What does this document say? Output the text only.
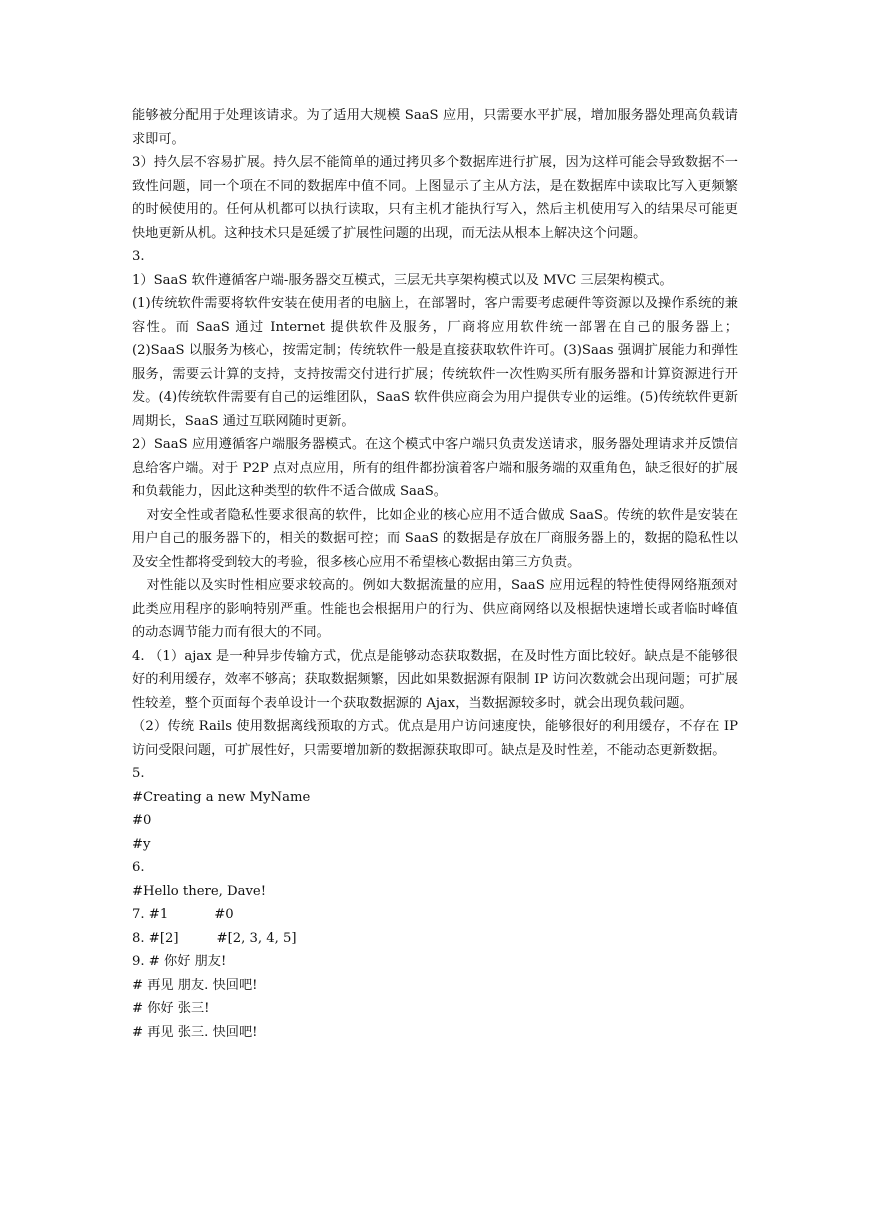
能够被分配用于处理该请求。为了适用大规模 SaaS 应用，只需要水平扩展，增加服务器处理高负载请求即可。

3）持久层不容易扩展。持久层不能简单的通过拷贝多个数据库进行扩展，因为这样可能会导致数据不一致性问题，同一个项在不同的数据库中值不同。上图显示了主从方法，是在数据库中读取比写入更频繁的时候使用的。任何从机都可以执行读取，只有主机才能执行写入，然后主机使用写入的结果尽可能更快地更新从机。这种技术只是延缓了扩展性问题的出现，而无法从根本上解决这个问题。

3.

1）SaaS 软件遵循客户端-服务器交互模式，三层无共享架构模式以及 MVC 三层架构模式。

(1)传统软件需要将软件安装在使用者的电脑上，在部署时，客户需要考虑硬件等资源以及操作系统的兼容性。而 SaaS 通过 Internet 提供软件及服务，厂商将应用软件统一部署在自己的服务器上；(2)SaaS 以服务为核心，按需定制；传统软件一般是直接获取软件许可。(3)Saas 强调扩展能力和弹性服务，需要云计算的支持，支持按需交付进行扩展；传统软件一次性购买所有服务器和计算资源进行开发。(4)传统软件需要有自己的运维团队，SaaS 软件供应商会为用户提供专业的运维。(5)传统软件更新周期长，SaaS 通过互联网随时更新。

2）SaaS 应用遵循客户端服务器模式。在这个模式中客户端只负责发送请求，服务器处理请求并反馈信息给客户端。对于 P2P 点对点应用，所有的组件都扮演着客户端和服务端的双重角色，缺乏很好的扩展和负载能力，因此这种类型的软件不适合做成 SaaS。

对安全性或者隐私性要求很高的软件，比如企业的核心应用不适合做成 SaaS。传统的软件是安装在用户自己的服务器下的，相关的数据可控；而 SaaS 的数据是存放在厂商服务器上的，数据的隐私性以及安全性都将受到较大的考验，很多核心应用不希望核心数据由第三方负责。

对性能以及实时性相应要求较高的。例如大数据流量的应用，SaaS 应用远程的特性使得网络瓶颈对此类应用程序的影响特别严重。性能也会根据用户的行为、供应商网络以及根据快速增长或者临时峰值的动态调节能力而有很大的不同。

4. （1）ajax 是一种异步传输方式，优点是能够动态获取数据，在及时性方面比较好。缺点是不能够很好的利用缓存，效率不够高；获取数据频繁，因此如果数据源有限制 IP 访问次数就会出现问题；可扩展性较差，整个页面每个表单设计一个获取数据源的 Ajax，当数据源较多时，就会出现负载问题。

（2）传统 Rails 使用数据离线预取的方式。优点是用户访问速度快，能够很好的利用缓存，不存在 IP 访问受限问题，可扩展性好，只需要增加新的数据源获取即可。缺点是及时性差，不能动态更新数据。

5.

#Creating a new MyName

#0

#y

6.

#Hello there, Dave!

7. #1	#0

8. #[2]	#[2, 3, 4, 5]

9. # 你好 朋友!

# 再见 朋友. 快回吧!

# 你好 张三!

# 再见 张三. 快回吧!
